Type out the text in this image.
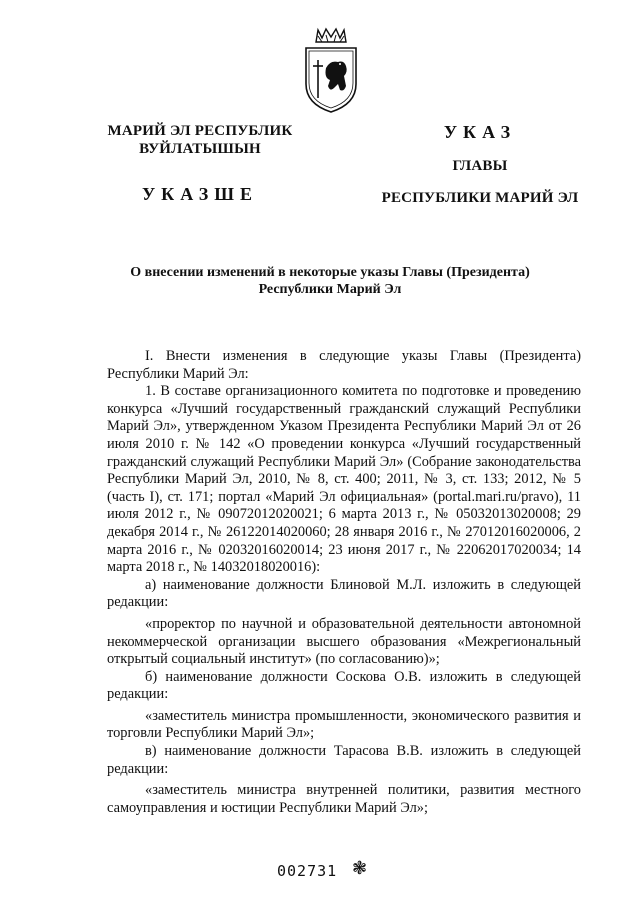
МАРИЙ ЭЛ РЕСПУБЛИК
ВУЙЛАТЫШЫН
УКАЗШЕ
УКАЗ
ГЛАВЫ
РЕСПУБЛИКИ МАРИЙ ЭЛ
О внесении изменений в некоторые указы Главы (Президента)
Республики Марий Эл

I. Внести изменения в следующие указы Главы (Президента) Республики Марий Эл:

1. В составе организационного комитета по подготовке и проведению конкурса «Лучший государственный гражданский служащий Республики Марий Эл», утвержденном Указом Президента Республики Марий Эл от 26 июля 2010 г. № 142 «О проведении конкурса «Лучший государственный гражданский служащий Республики Марий Эл» (Собрание законодательства Республики Марий Эл, 2010, № 8, ст. 400; 2011, № 3, ст. 133; 2012, № 5 (часть I), ст. 171; портал «Марий Эл официальная» (portal.mari.ru/pravo), 11 июля 2012 г., № 09072012020021; 6 марта 2013 г., № 05032013020008; 29 декабря 2014 г., № 26122014020060; 28 января 2016 г., № 27012016020006, 2 марта 2016 г., № 02032016020014; 23 июня 2017 г., № 22062017020034; 14 марта 2018 г., № 14032018020016):

а) наименование должности Блиновой М.Л. изложить в следующей редакции:

«проректор по научной и образовательной деятельности автономной некоммерческой организации высшего образования «Межрегиональный открытый социальный институт» (по согласованию)»;

б) наименование должности Соскова О.В. изложить в следующей редакции:

«заместитель министра промышленности, экономического развития и торговли Республики Марий Эл»;

в) наименование должности Тарасова В.В. изложить в следующей редакции:

«заместитель министра внутренней политики, развития местного самоуправления и юстиции Республики Марий Эл»;

002731 ❃
